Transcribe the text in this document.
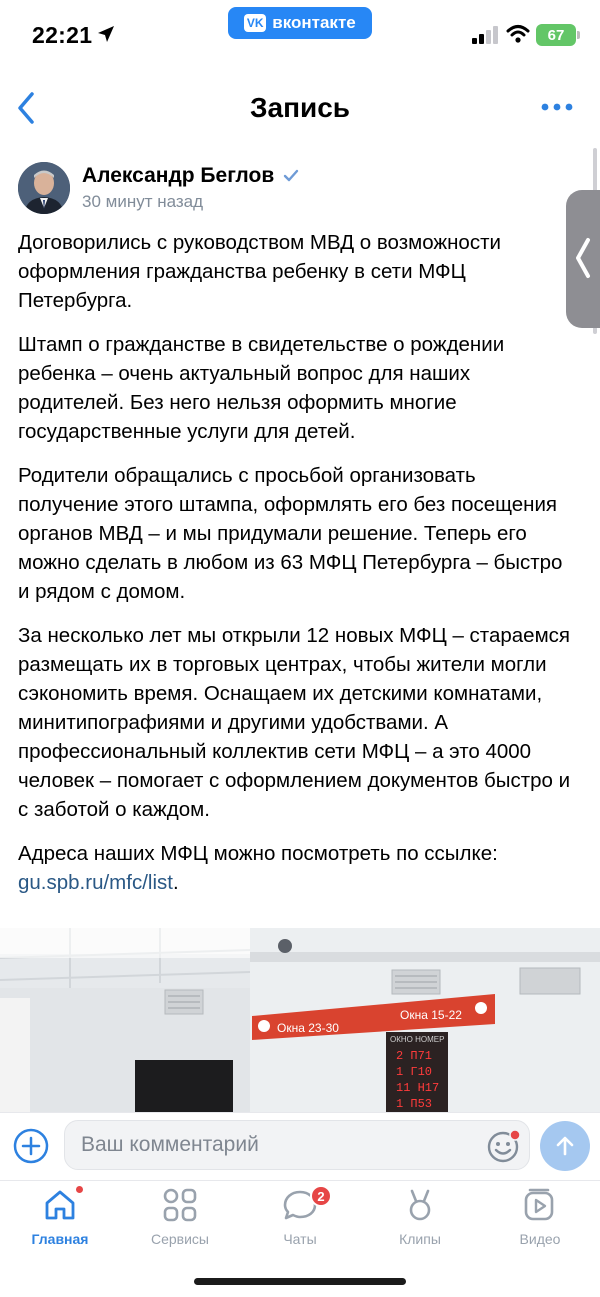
22:21	VK вконтакте
67
Запись
Александр Беглов
30 минут назад

Договорились с руководством МВД о возможности оформления гражданства ребенку в сети МФЦ Петербурга.

Штамп о гражданстве в свидетельстве о рождении ребенка – очень актуальный вопрос для наших родителей. Без него нельзя оформить многие государственные услуги для детей.

Родители обращались с просьбой организовать получение этого штампа, оформлять его без посещения органов МВД – и мы придумали решение. Теперь его можно сделать в любом из 63 МФЦ Петербурга – быстро и рядом с домом.

За несколько лет мы открыли 12 новых МФЦ – стараемся размещать их в торговых центрах, чтобы жители могли сэкономить время. Оснащаем их детскими комнатами, минитипографиями и другими удобствами. А профессиональный коллектив сети МФЦ – а это 4000 человек – помогает с оформлением документов быстро и с заботой о каждом.

Адреса наших МФЦ можно посмотреть по ссылке:
gu.spb.ru/mfc/list.

Окна 23-30
Окна 15-22
ОКНО НОМЕР
2 П71
1 Г10
11 Н17
1 П53
Ваш комментарий
Главная	Сервисы
2
Чаты	Клипы	Видео
